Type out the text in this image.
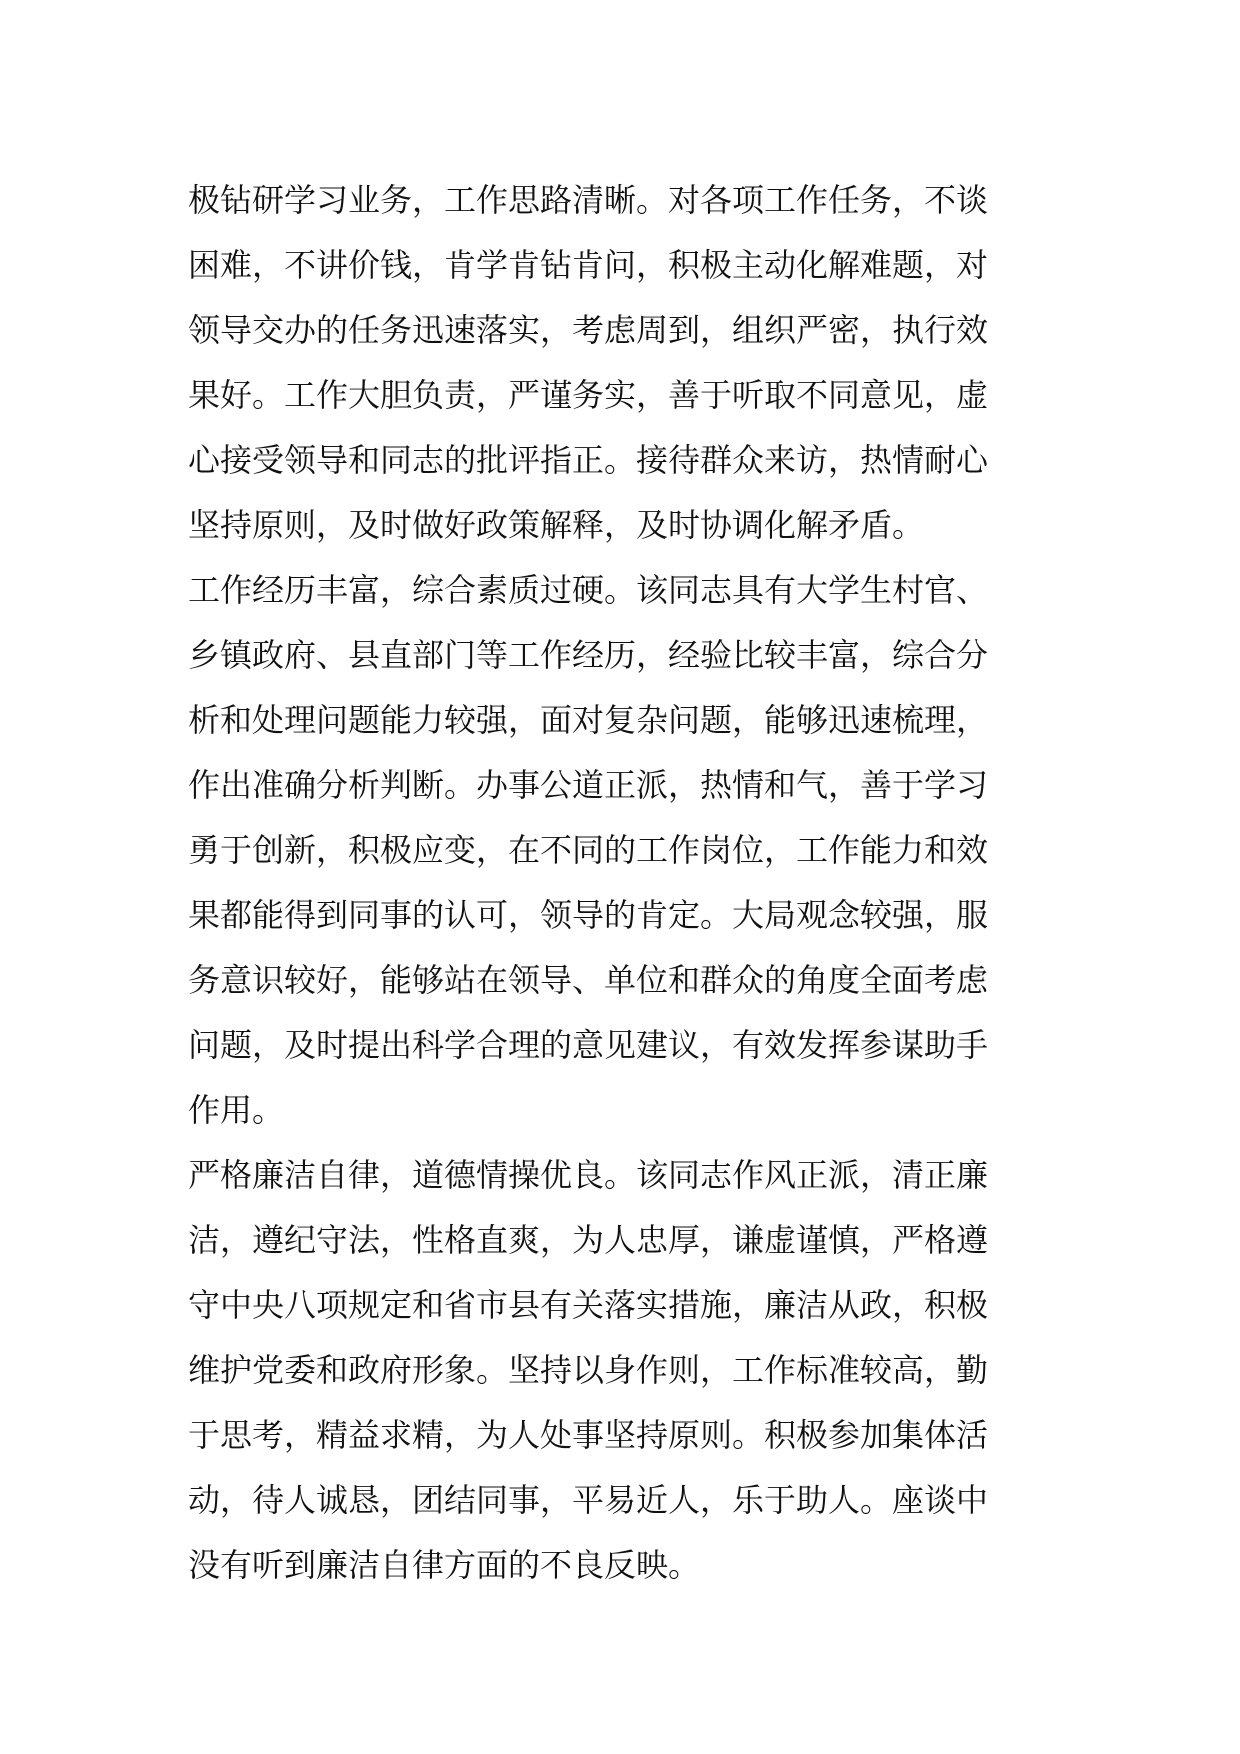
极钻研学习业务，工作思路清晰。对各项工作任务，不谈
困难，不讲价钱，肯学肯钻肯问，积极主动化解难题，对
领导交办的任务迅速落实，考虑周到，组织严密，执行效
果好。工作大胆负责，严谨务实，善于听取不同意见，虚
心接受领导和同志的批评指正。接待群众来访，热情耐心
坚持原则，及时做好政策解释，及时协调化解矛盾。
工作经历丰富，综合素质过硬。该同志具有大学生村官、
乡镇政府、县直部门等工作经历，经验比较丰富，综合分
析和处理问题能力较强，面对复杂问题，能够迅速梳理，
作出准确分析判断。办事公道正派，热情和气，善于学习
勇于创新，积极应变，在不同的工作岗位，工作能力和效
果都能得到同事的认可，领导的肯定。大局观念较强，服
务意识较好，能够站在领导、单位和群众的角度全面考虑
问题，及时提出科学合理的意见建议，有效发挥参谋助手
作用。
严格廉洁自律，道德情操优良。该同志作风正派，清正廉
洁，遵纪守法，性格直爽，为人忠厚，谦虚谨慎，严格遵
守中央八项规定和省市县有关落实措施，廉洁从政，积极
维护党委和政府形象。坚持以身作则，工作标准较高，勤
于思考，精益求精，为人处事坚持原则。积极参加集体活
动，待人诚恳，团结同事，平易近人，乐于助人。座谈中
没有听到廉洁自律方面的不良反映。
